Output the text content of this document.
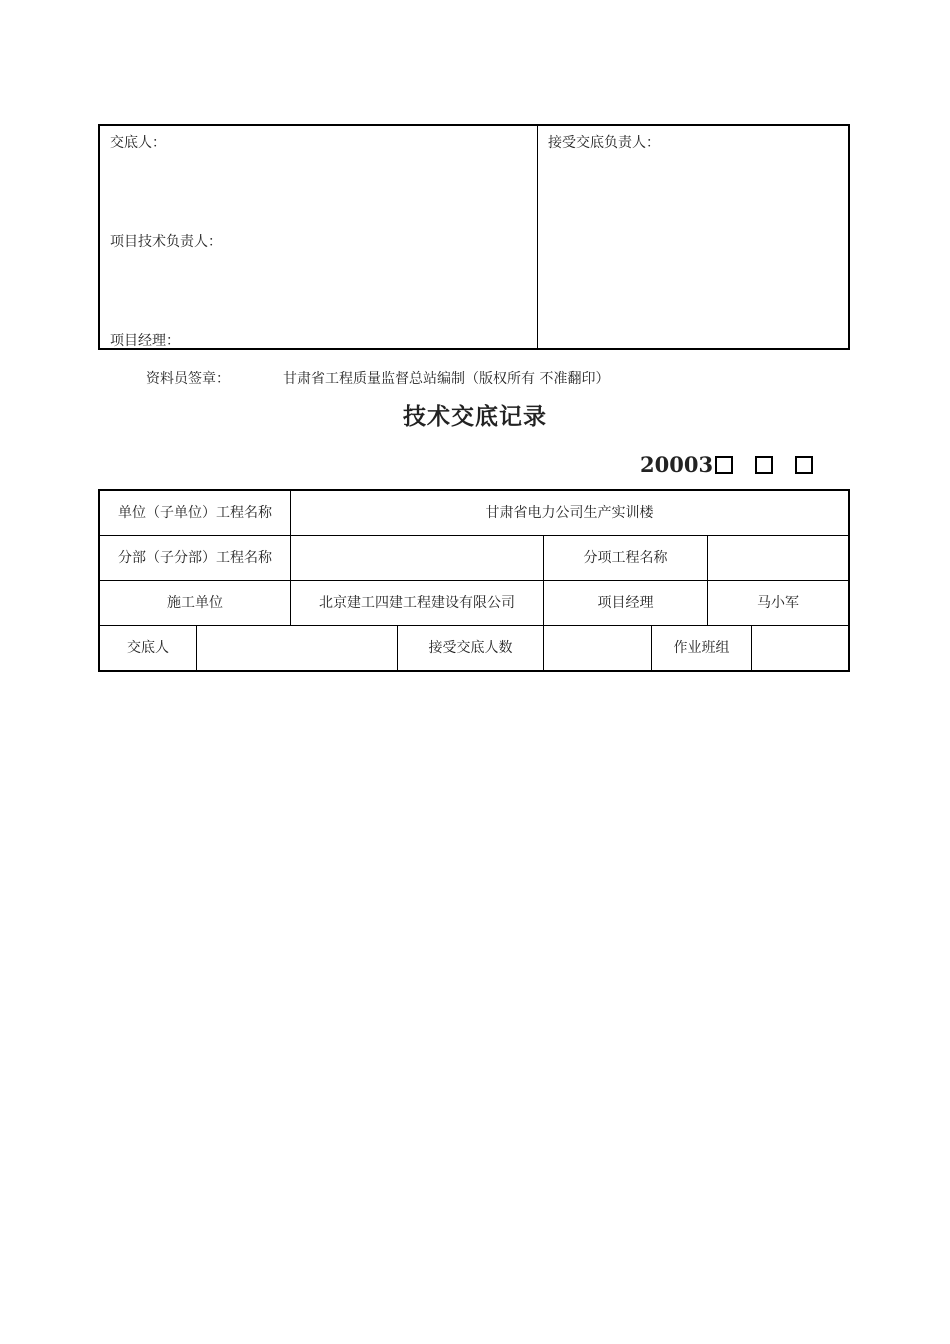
交底人：
项目技术负责人：
项目经理：
接受交底负责人：
资料员签章：	甘肃省工程质量监督总站编制（版权所有 不准翻印）
技术交底记录
20003
单位（子单位）工程名称	甘肃省电力公司生产实训楼
分部（子分部）工程名称	分项工程名称
施工单位	北京建工四建工程建设有限公司	项目经理	马小军
交底人	接受交底人数	作业班组
